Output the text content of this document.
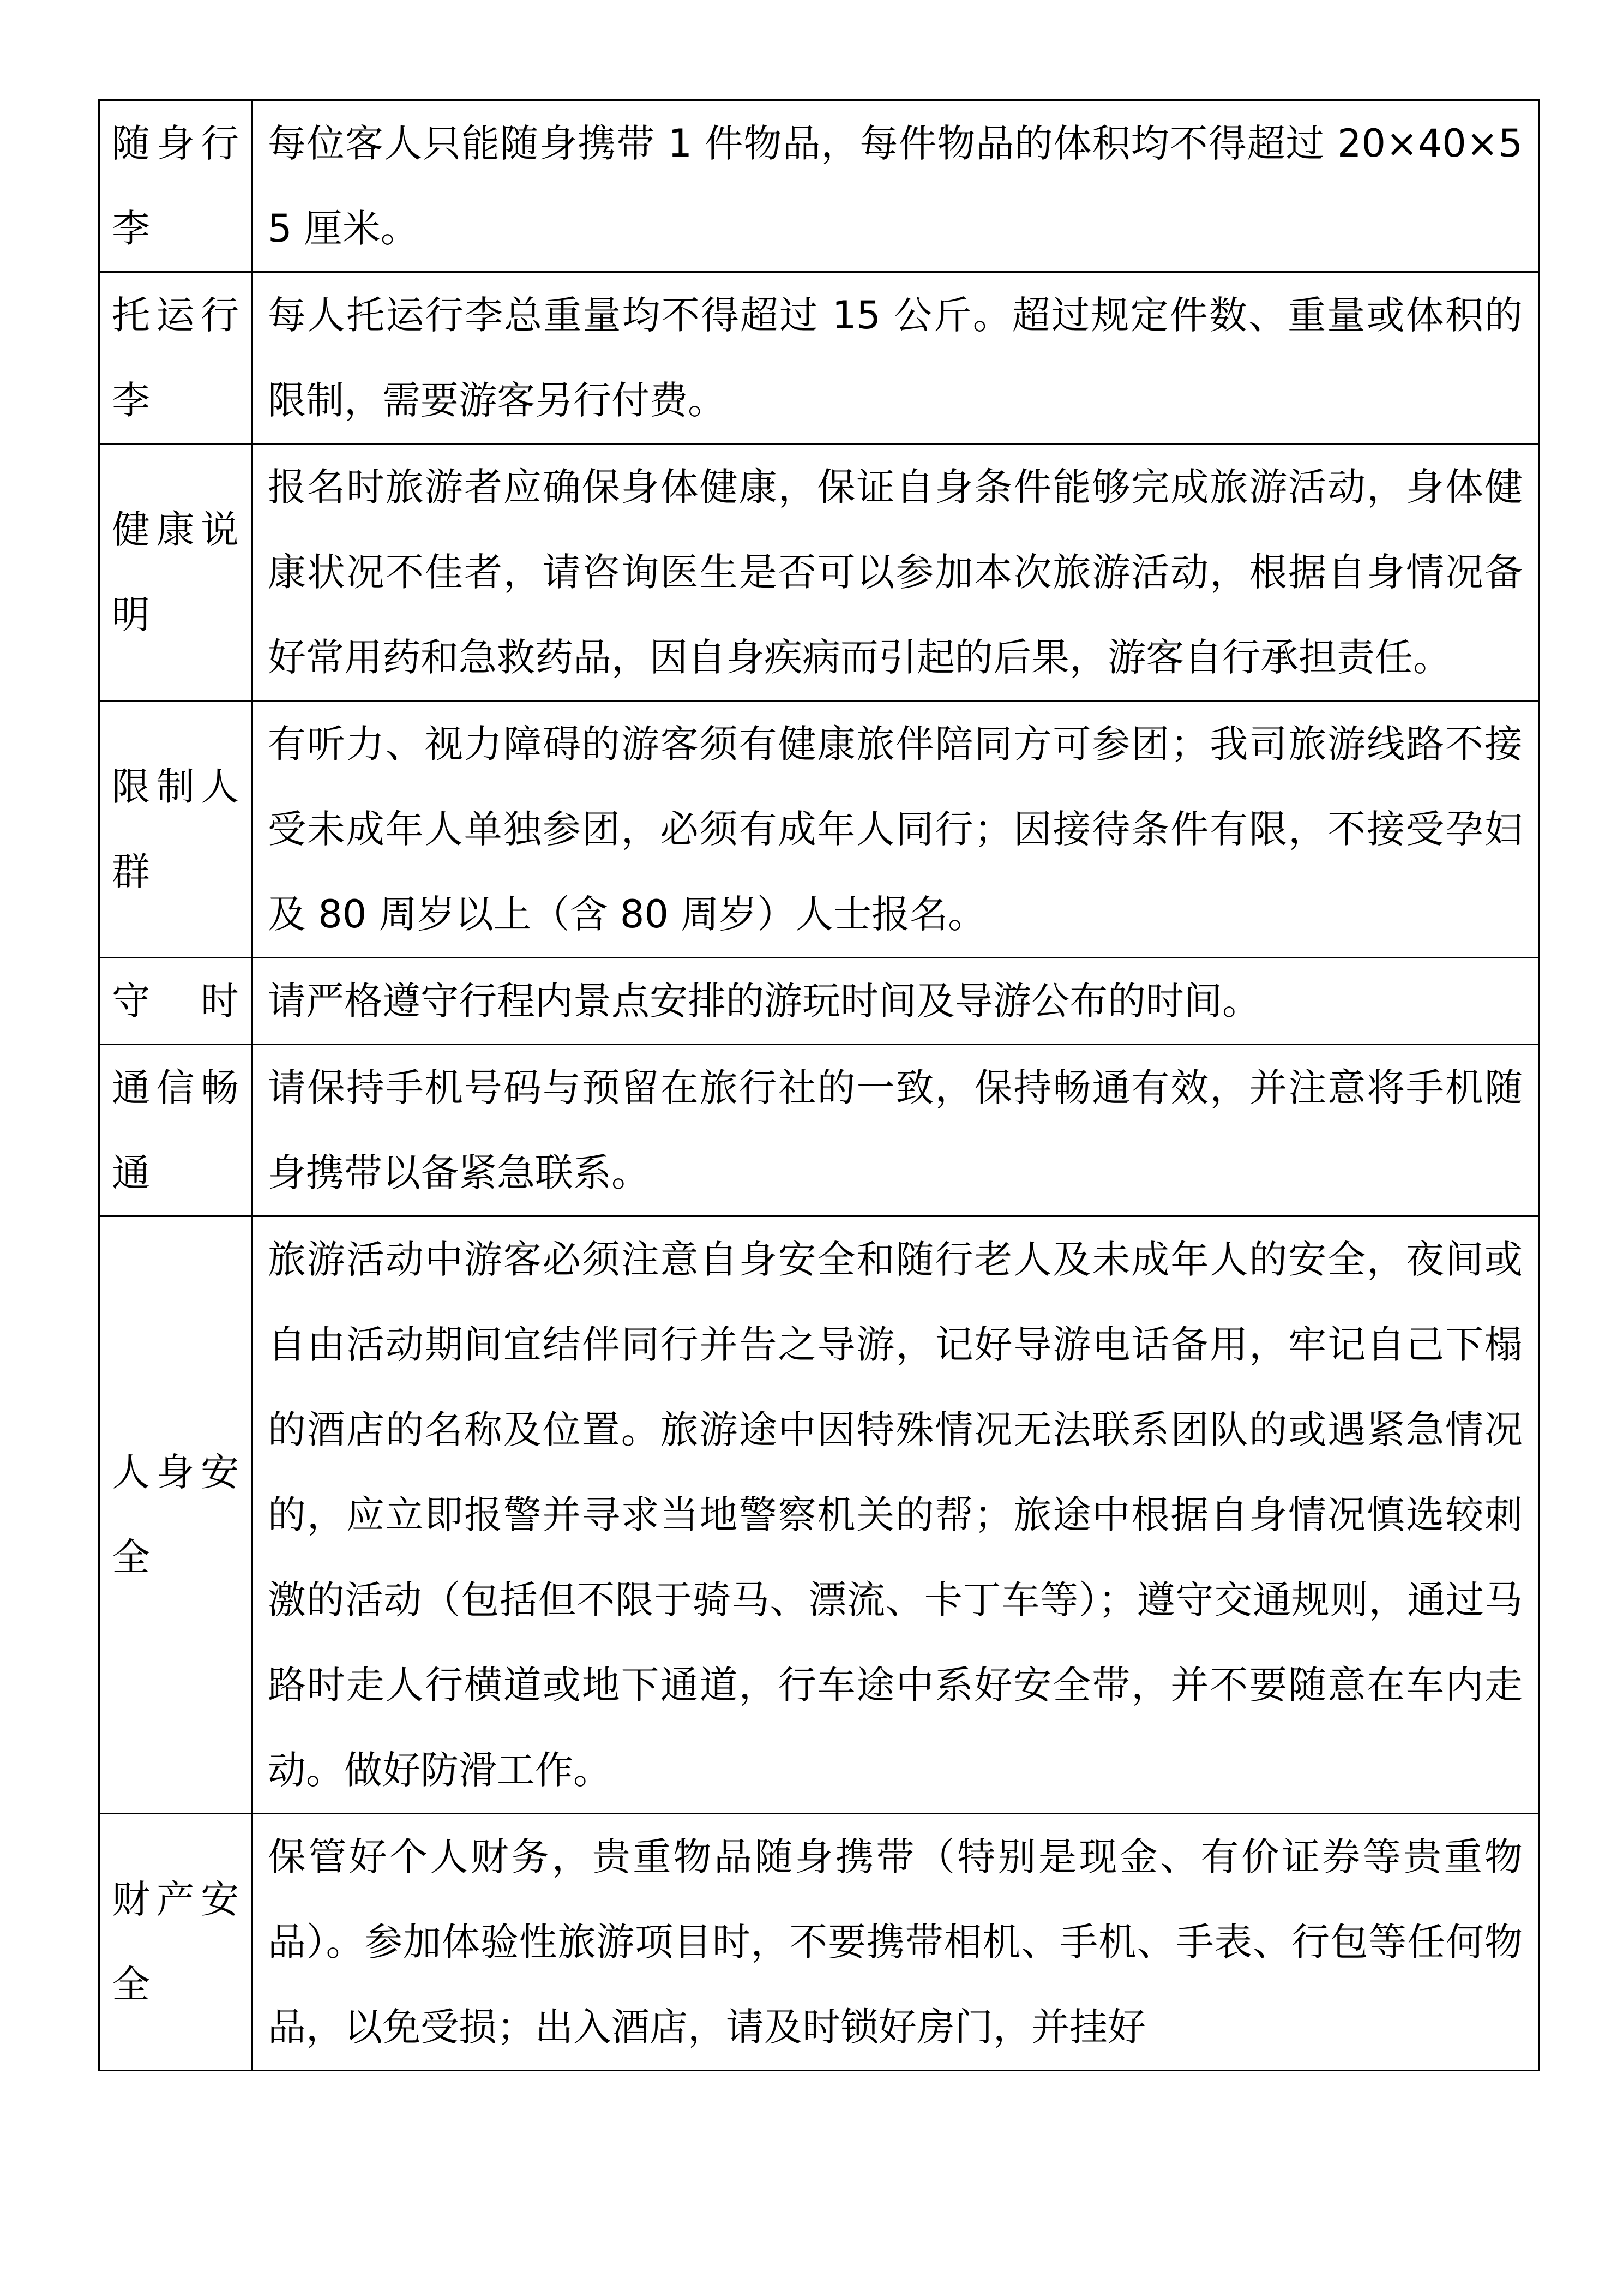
随身行李	每位客人只能随身携带 1 件物品，每件物品的体积均不得超过 20×40×55 厘米。

托运行李	每人托运行李总重量均不得超过 15 公斤。超过规定件数、重量或体积的限制，需要游客另行付费。

健康说明	报名时旅游者应确保身体健康，保证自身条件能够完成旅游活动，身体健康状况不佳者，请咨询医生是否可以参加本次旅游活动，根据自身情况备好常用药和急救药品，因自身疾病而引起的后果，游客自行承担责任。

限制人群	有听力、视力障碍的游客须有健康旅伴陪同方可参团；我司旅游线路不接受未成年人单独参团，必须有成年人同行；因接待条件有限，不接受孕妇及 80 周岁以上（含 80 周岁）人士报名。

守时	请严格遵守行程内景点安排的游玩时间及导游公布的时间。

通信畅通	请保持手机号码与预留在旅行社的一致，保持畅通有效，并注意将手机随身携带以备紧急联系。

人身安全	旅游活动中游客必须注意自身安全和随行老人及未成年人的安全，夜间或自由活动期间宜结伴同行并告之导游，记好导游电话备用，牢记自己下榻的酒店的名称及位置。旅游途中因特殊情况无法联系团队的或遇紧急情况的，应立即报警并寻求当地警察机关的帮；旅途中根据自身情况慎选较刺激的活动（包括但不限于骑马、漂流、卡丁车等）；遵守交通规则，通过马路时走人行横道或地下通道，行车途中系好安全带，并不要随意在车内走动。做好防滑工作。

财产安全	保管好个人财务，贵重物品随身携带（特别是现金、有价证券等贵重物品）。参加体验性旅游项目时，不要携带相机、手机、手表、行包等任何物品，以免受损；出入酒店，请及时锁好房门，并挂好
